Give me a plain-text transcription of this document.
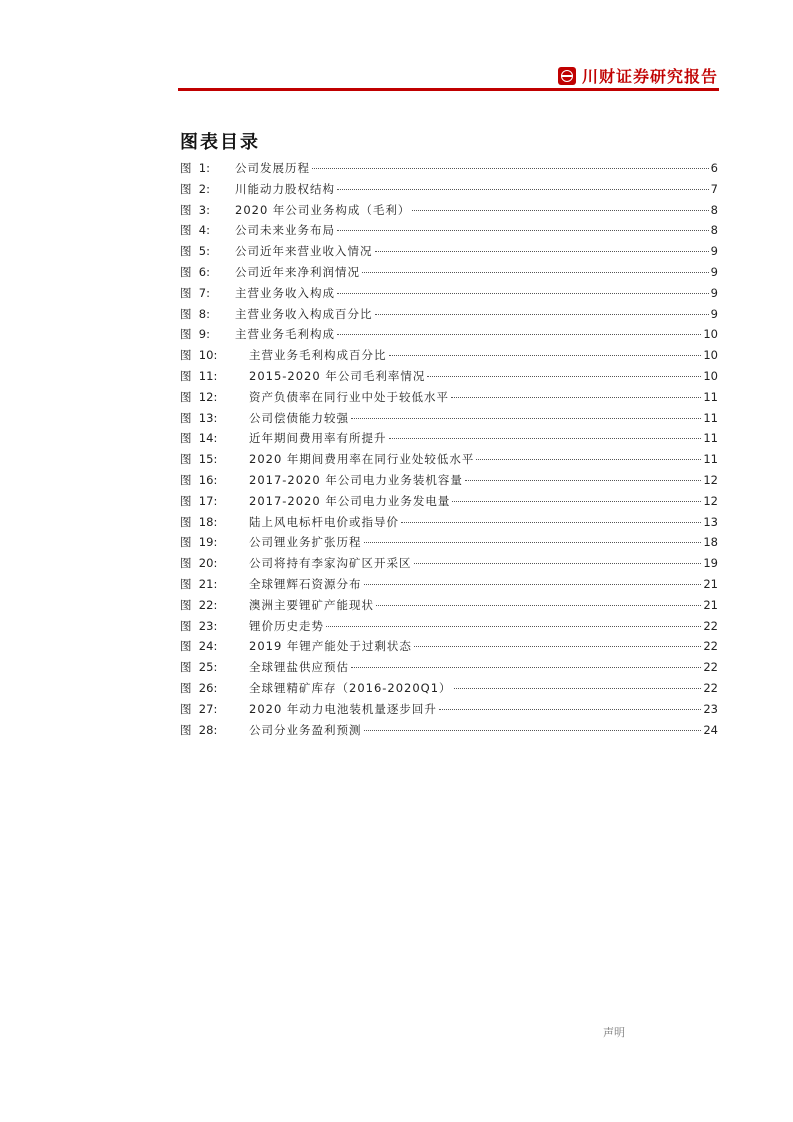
川财证券研究报告
图表目录
图  1:	公司发展历程	6
图  2:	川能动力股权结构	7
图  3:	2020 年公司业务构成（毛利）	8
图  4:	公司未来业务布局	8
图  5:	公司近年来营业收入情况	9
图  6:	公司近年来净利润情况	9
图  7:	主营业务收入构成	9
图  8:	主营业务收入构成百分比	9
图  9:	主营业务毛利构成	10
图  10:	主营业务毛利构成百分比	10
图  11:	2015-2020 年公司毛利率情况	10
图  12:	资产负债率在同行业中处于较低水平	11
图  13:	公司偿债能力较强	11
图  14:	近年期间费用率有所提升	11
图  15:	2020 年期间费用率在同行业处较低水平	11
图  16:	2017-2020 年公司电力业务装机容量	12
图  17:	2017-2020 年公司电力业务发电量	12
图  18:	陆上风电标杆电价或指导价	13
图  19:	公司锂业务扩张历程	18
图  20:	公司将持有李家沟矿区开采区	19
图  21:	全球锂辉石资源分布	21
图  22:	澳洲主要锂矿产能现状	21
图  23:	锂价历史走势	22
图  24:	2019 年锂产能处于过剩状态	22
图  25:	全球锂盐供应预估	22
图  26:	全球锂精矿库存（2016-2020Q1）	22
图  27:	2020 年动力电池装机量逐步回升	23
图  28:	公司分业务盈利预测	24
声明
